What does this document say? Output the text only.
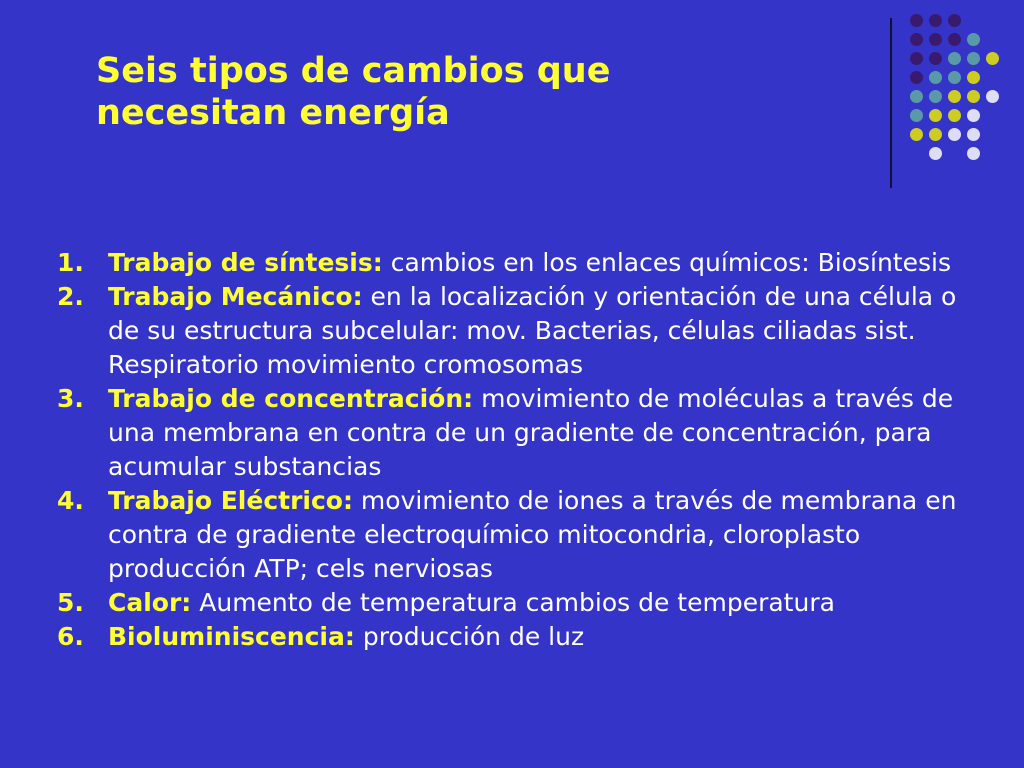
Seis tipos de cambios que
necesitan energía
1. Trabajo de síntesis: cambios en los enlaces químicos: Biosíntesis
2. Trabajo Mecánico: en la localización y orientación de una célula o de su estructura subcelular: mov. Bacterias, células ciliadas sist. Respiratorio movimiento cromosomas
3. Trabajo de concentración: movimiento de moléculas a través de una membrana en contra de un gradiente de concentración, para acumular substancias
4. Trabajo Eléctrico: movimiento de iones a través de membrana en contra de gradiente electroquímico mitocondria, cloroplasto producción ATP; cels nerviosas
5. Calor: Aumento de temperatura cambios de temperatura
6. Bioluminiscencia: producción de luz
